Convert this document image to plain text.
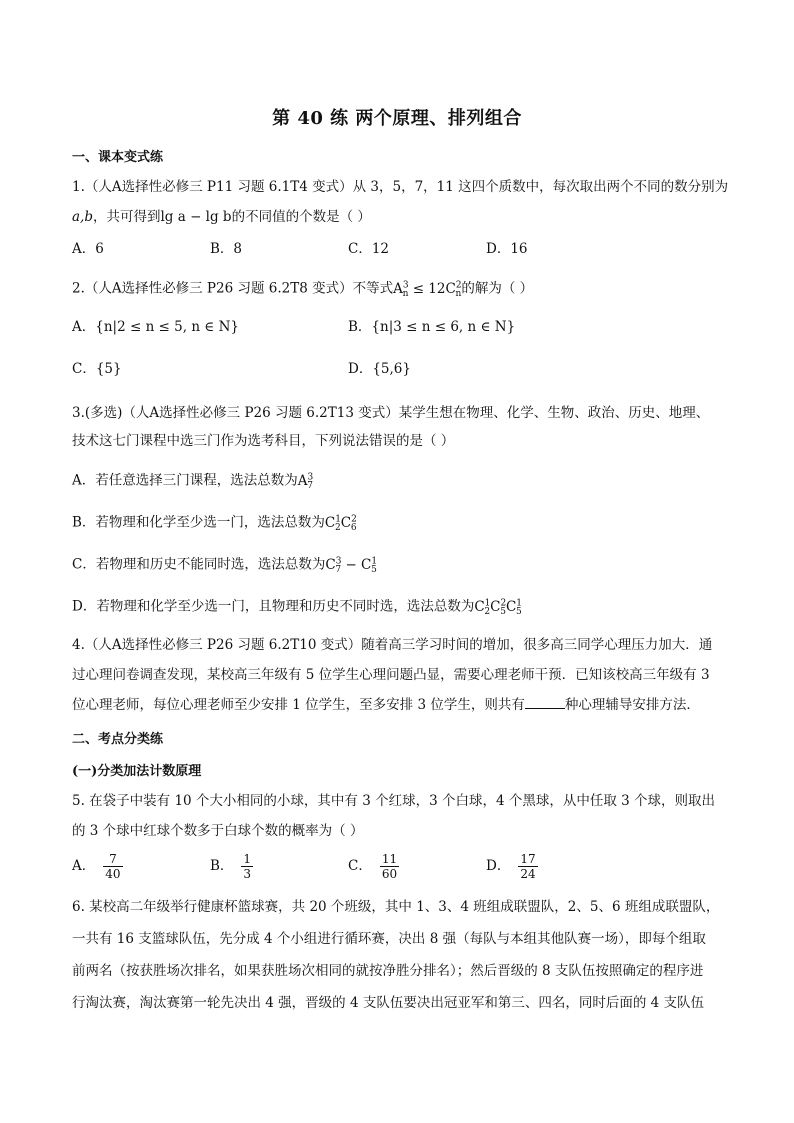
第 40 练 两个原理、排列组合
一、课本变式练
1.（人A选择性必修三 P11 习题 6.1T4 变式）从 3，5，7，11 这四个质数中，每次取出两个不同的数分别为
a,b，共可得到lg a − lg b的不同值的个数是（ ）
A．6	B．8	C．12	D．16
2.（人A选择性必修三 P26 习题 6.2T8 变式）不等式$A^3_n \le 12C^2_n$的解为（ ）
A．{n|2 ≤ n ≤ 5, n ∈ N}	B．{n|3 ≤ n ≤ 6, n ∈ N}
C．{5}	D．{5,6}
3.(多选)（人A选择性必修三 P26 习题 6.2T13 变式）某学生想在物理、化学、生物、政治、历史、地理、
技术这七门课程中选三门作为选考科目，下列说法错误的是（ ）
A．若任意选择三门课程，选法总数为$A^3_7$
B．若物理和化学至少选一门，选法总数为$C^1_2C^2_6$
C．若物理和历史不能同时选，选法总数为$C^3_7 - C^1_5$
D．若物理和化学至少选一门，且物理和历史不同时选，选法总数为$C^1_2C^2_5C^1_5$
4.（人A选择性必修三 P26 习题 6.2T10 变式）随着高三学习时间的增加，很多高三同学心理压力加大．通
过心理问卷调查发现，某校高三年级有 5 位学生心理问题凸显，需要心理老师干预．已知该校高三年级有 3
位心理老师，每位心理老师至少安排 1 位学生，至多安排 3 位学生，则共有	种心理辅导安排方法．
二、考点分类练
(一)分类加法计数原理
5. 在袋子中装有 10 个大小相同的小球，其中有 3 个红球，3 个白球，4 个黑球，从中任取 3 个球，则取出
的 3 个球中红球个数多于白球个数的概率为（ ）
A． $\frac{7}{40}$	B． $\frac{1}{3}$	C． $\frac{11}{60}$	D． $\frac{17}{24}$
6. 某校高二年级举行健康杯篮球赛，共 20 个班级，其中 1、3、4 班组成联盟队，2、5、6 班组成联盟队，
一共有 16 支篮球队伍，先分成 4 个小组进行循环赛，决出 8 强（每队与本组其他队赛一场），即每个组取
前两名（按获胜场次排名，如果获胜场次相同的就按净胜分排名）；然后晋级的 8 支队伍按照确定的程序进
行淘汰赛，淘汰赛第一轮先决出 4 强，晋级的 4 支队伍要决出冠亚军和第三、四名，同时后面的 4 支队伍
